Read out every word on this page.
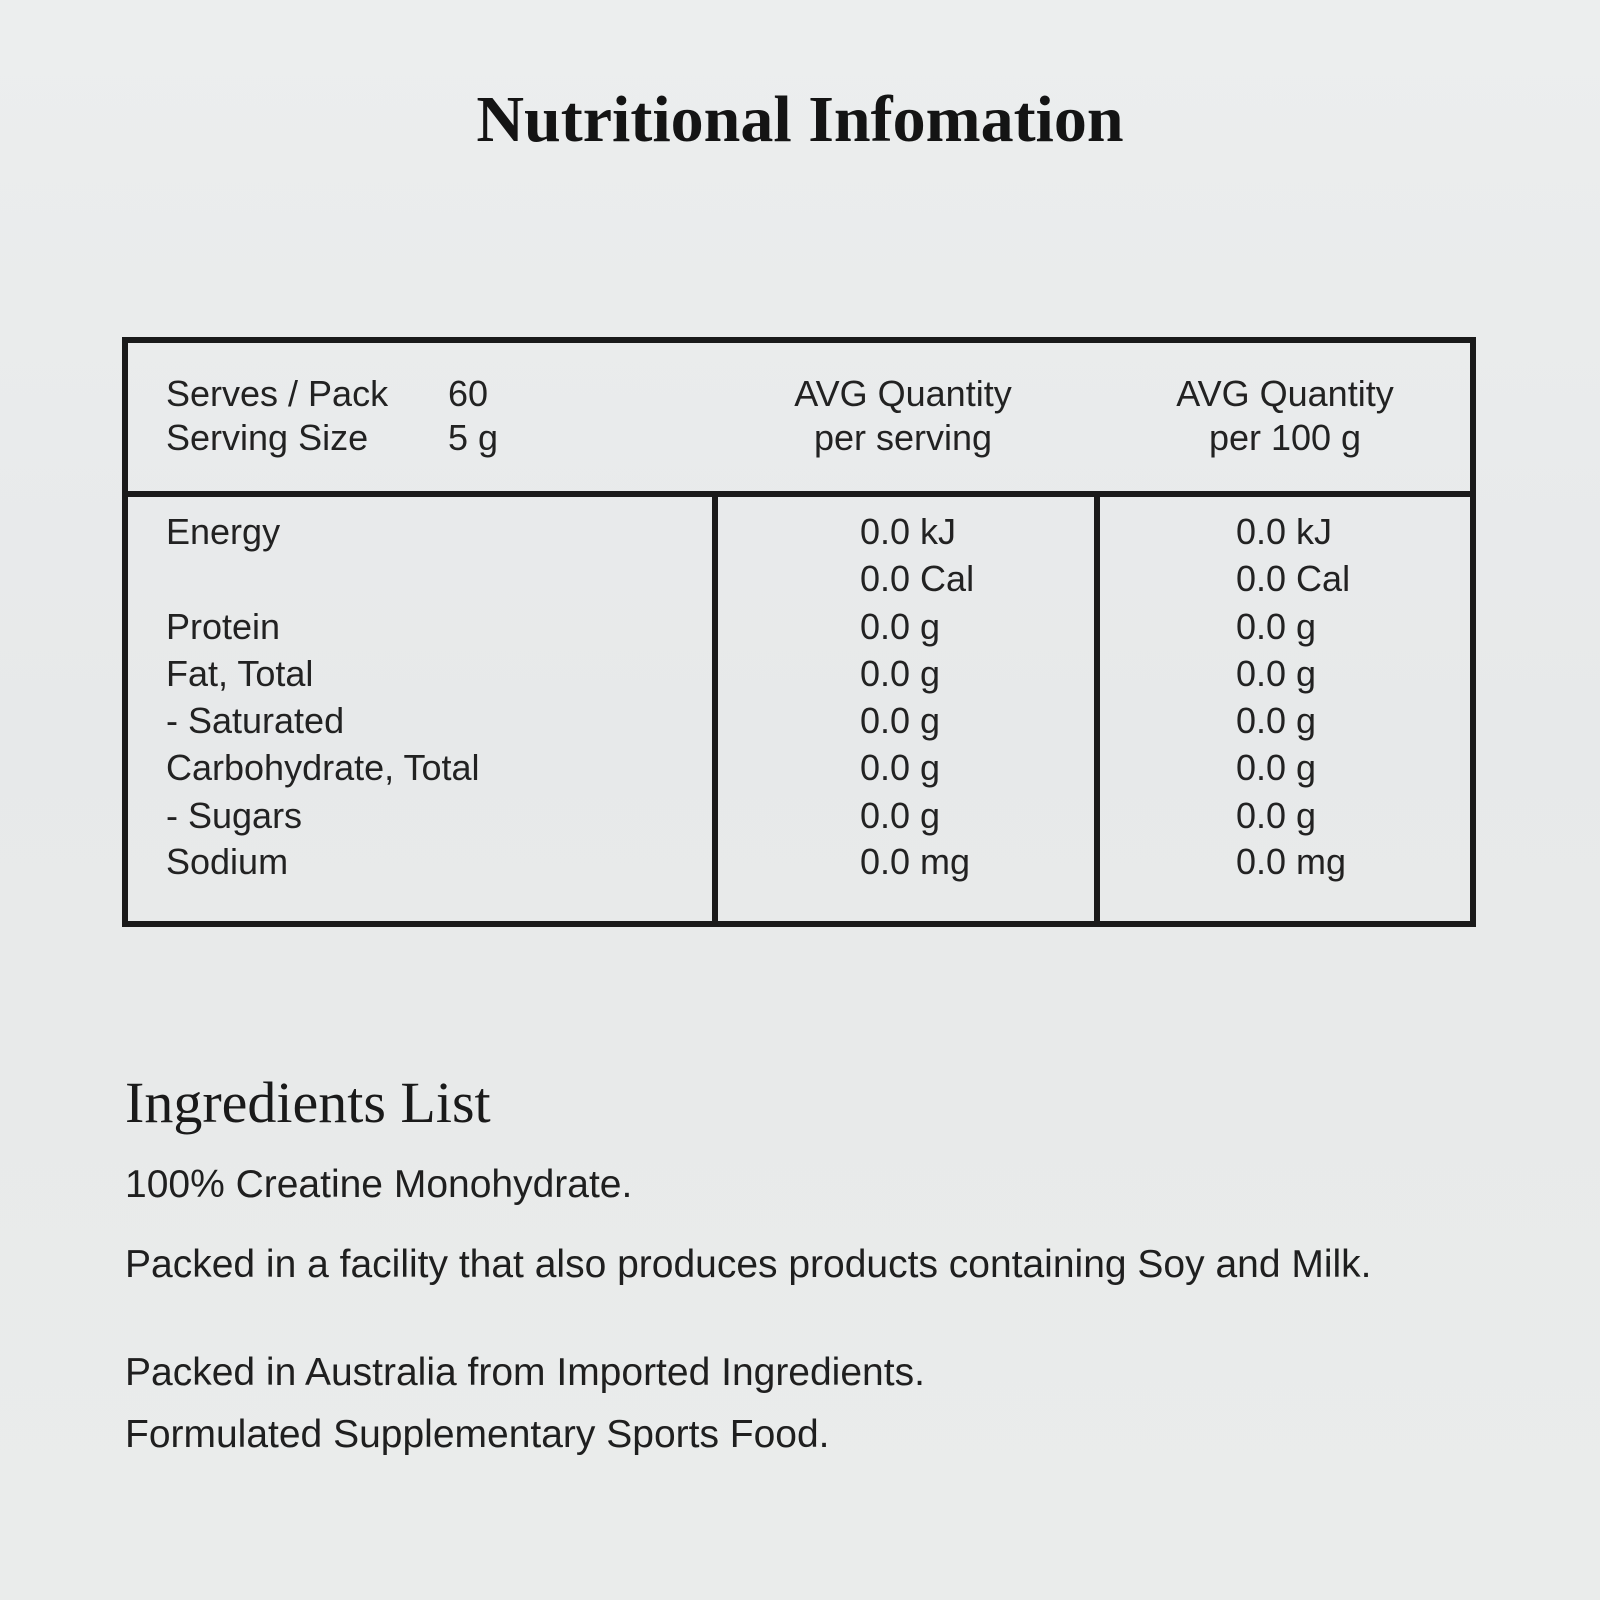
Nutritional Infomation
Serves / Pack 60
Serving Size 5 g
AVG Quantity
per serving
AVG Quantity
per 100 g
Energy	0.0 kJ	0.0 kJ
0.0 Cal	0.0 Cal
Protein	0.0 g	0.0 g
Fat, Total	0.0 g	0.0 g
- Saturated	0.0 g	0.0 g
Carbohydrate, Total	0.0 g	0.0 g
- Sugars	0.0 g	0.0 g
Sodium	0.0 mg	0.0 mg
Ingredients List
100% Creatine Monohydrate.
Packed in a facility that also produces products containing Soy and Milk.
Packed in Australia from Imported Ingredients.
Formulated Supplementary Sports Food.
